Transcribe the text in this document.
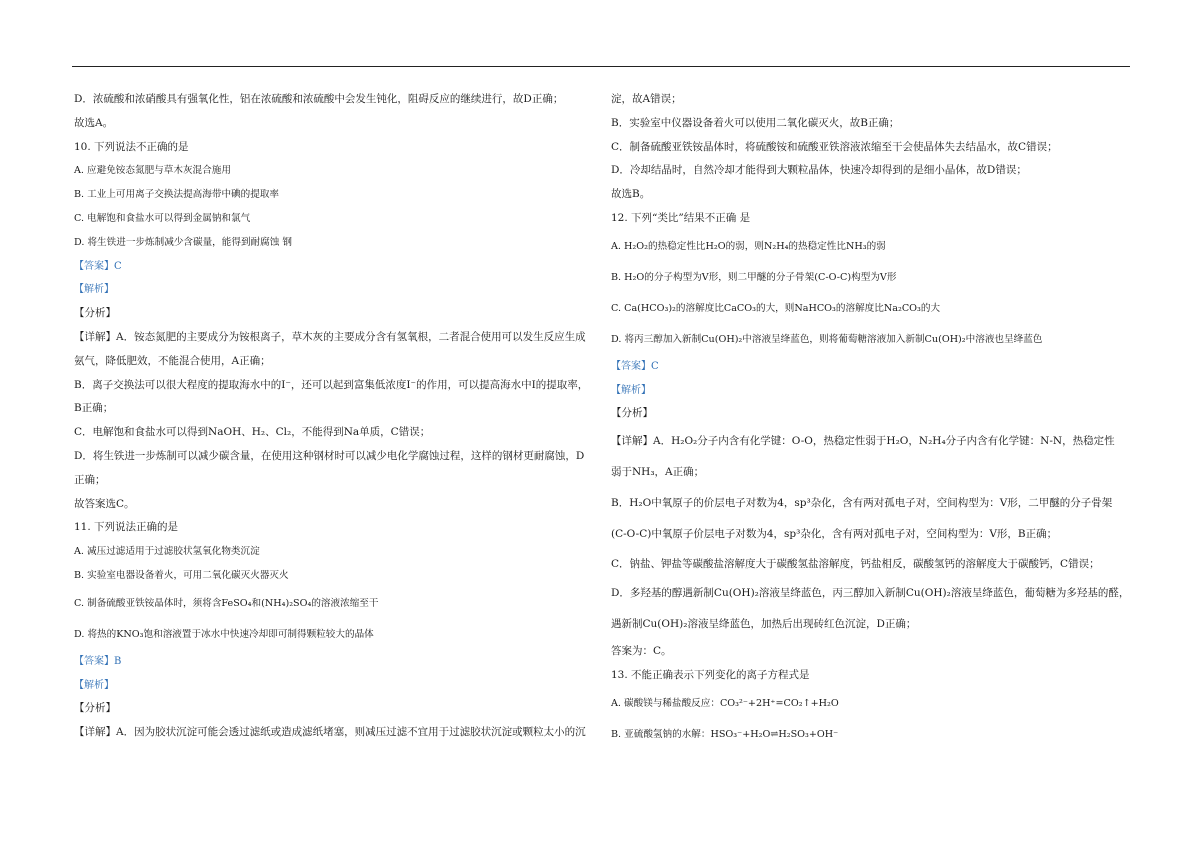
D．浓硫酸和浓硝酸具有强氧化性，铝在浓硫酸和浓硫酸中会发生钝化，阻碍反应的继续进行，故D正确；
故选A。
10. 下列说法不正确的是
A. 应避免铵态氮肥与草木灰混合施用
B. 工业上可用离子交换法提高海带中碘的提取率
C. 电解饱和食盐水可以得到金属钠和氯气
D. 将生铁进一步炼制减少含碳量，能得到耐腐蚀 钢
【答案】C
【解析】
【分析】
【详解】A．铵态氮肥的主要成分为铵根离子，草木灰的主要成分含有氢氧根，二者混合使用可以发生反应生成
氨气，降低肥效，不能混合使用，A正确；
B．离子交换法可以很大程度的提取海水中的I⁻，还可以起到富集低浓度I⁻的作用，可以提高海水中I的提取率，
B正确；
C．电解饱和食盐水可以得到NaOH、H₂、Cl₂，不能得到Na单质，C错误；
D．将生铁进一步炼制可以减少碳含量，在使用这种钢材时可以减少电化学腐蚀过程，这样的钢材更耐腐蚀，D
正确；
故答案选C。
11. 下列说法正确的是
A. 减压过滤适用于过滤胶状氢氧化物类沉淀
B. 实验室电器设备着火，可用二氧化碳灭火器灭火
C. 制备硫酸亚铁铵晶体时，须将含FeSO₄和(NH₄)₂SO₄的溶液浓缩至干
D. 将热的KNO₃饱和溶液置于冰水中快速冷却即可制得颗粒较大的晶体
【答案】B
【解析】
【分析】
【详解】A．因为胶状沉淀可能会透过滤纸或造成滤纸堵塞，则减压过滤不宜用于过滤胶状沉淀或颗粒太小的沉
淀，故A错误；
B．实验室中仪器设备着火可以使用二氧化碳灭火，故B正确；
C．制备硫酸亚铁铵晶体时，将硫酸铵和硫酸亚铁溶液浓缩至干会使晶体失去结晶水，故C错误；
D．冷却结晶时，自然冷却才能得到大颗粒晶体，快速冷却得到的是细小晶体，故D错误；
故选B。
12. 下列“类比”结果不正确 是
A. H₂O₂的热稳定性比H₂O的弱，则N₂H₄的热稳定性比NH₃的弱
B. H₂O的分子构型为V形，则二甲醚的分子骨架(C-O-C)构型为V形
C. Ca(HCO₃)₂的溶解度比CaCO₃的大，则NaHCO₃的溶解度比Na₂CO₃的大
D. 将丙三醇加入新制Cu(OH)₂中溶液呈绛蓝色，则将葡萄糖溶液加入新制Cu(OH)₂中溶液也呈绛蓝色
【答案】C
【解析】
【分析】
【详解】A．H₂O₂分子内含有化学键：O-O，热稳定性弱于H₂O，N₂H₄分子内含有化学键：N-N，热稳定性
弱于NH₃，A正确；
B．H₂O中氧原子的价层电子对数为4，sp³杂化，含有两对孤电子对，空间构型为：V形，二甲醚的分子骨架
(C-O-C)中氧原子价层电子对数为4，sp³杂化，含有两对孤电子对，空间构型为：V形，B正确；
C．钠盐、钾盐等碳酸盐溶解度大于碳酸氢盐溶解度，钙盐相反，碳酸氢钙的溶解度大于碳酸钙，C错误；
D．多羟基的醇遇新制Cu(OH)₂溶液呈绛蓝色，丙三醇加入新制Cu(OH)₂溶液呈绛蓝色，葡萄糖为多羟基的醛，
遇新制Cu(OH)₂溶液呈绛蓝色，加热后出现砖红色沉淀，D正确；
答案为：C。
13. 不能正确表示下列变化的离子方程式是
A. 碳酸镁与稀盐酸反应：CO₃²⁻+2H⁺=CO₂↑+H₂O
B. 亚硫酸氢钠的水解：HSO₃⁻+H₂O⇌H₂SO₃+OH⁻
